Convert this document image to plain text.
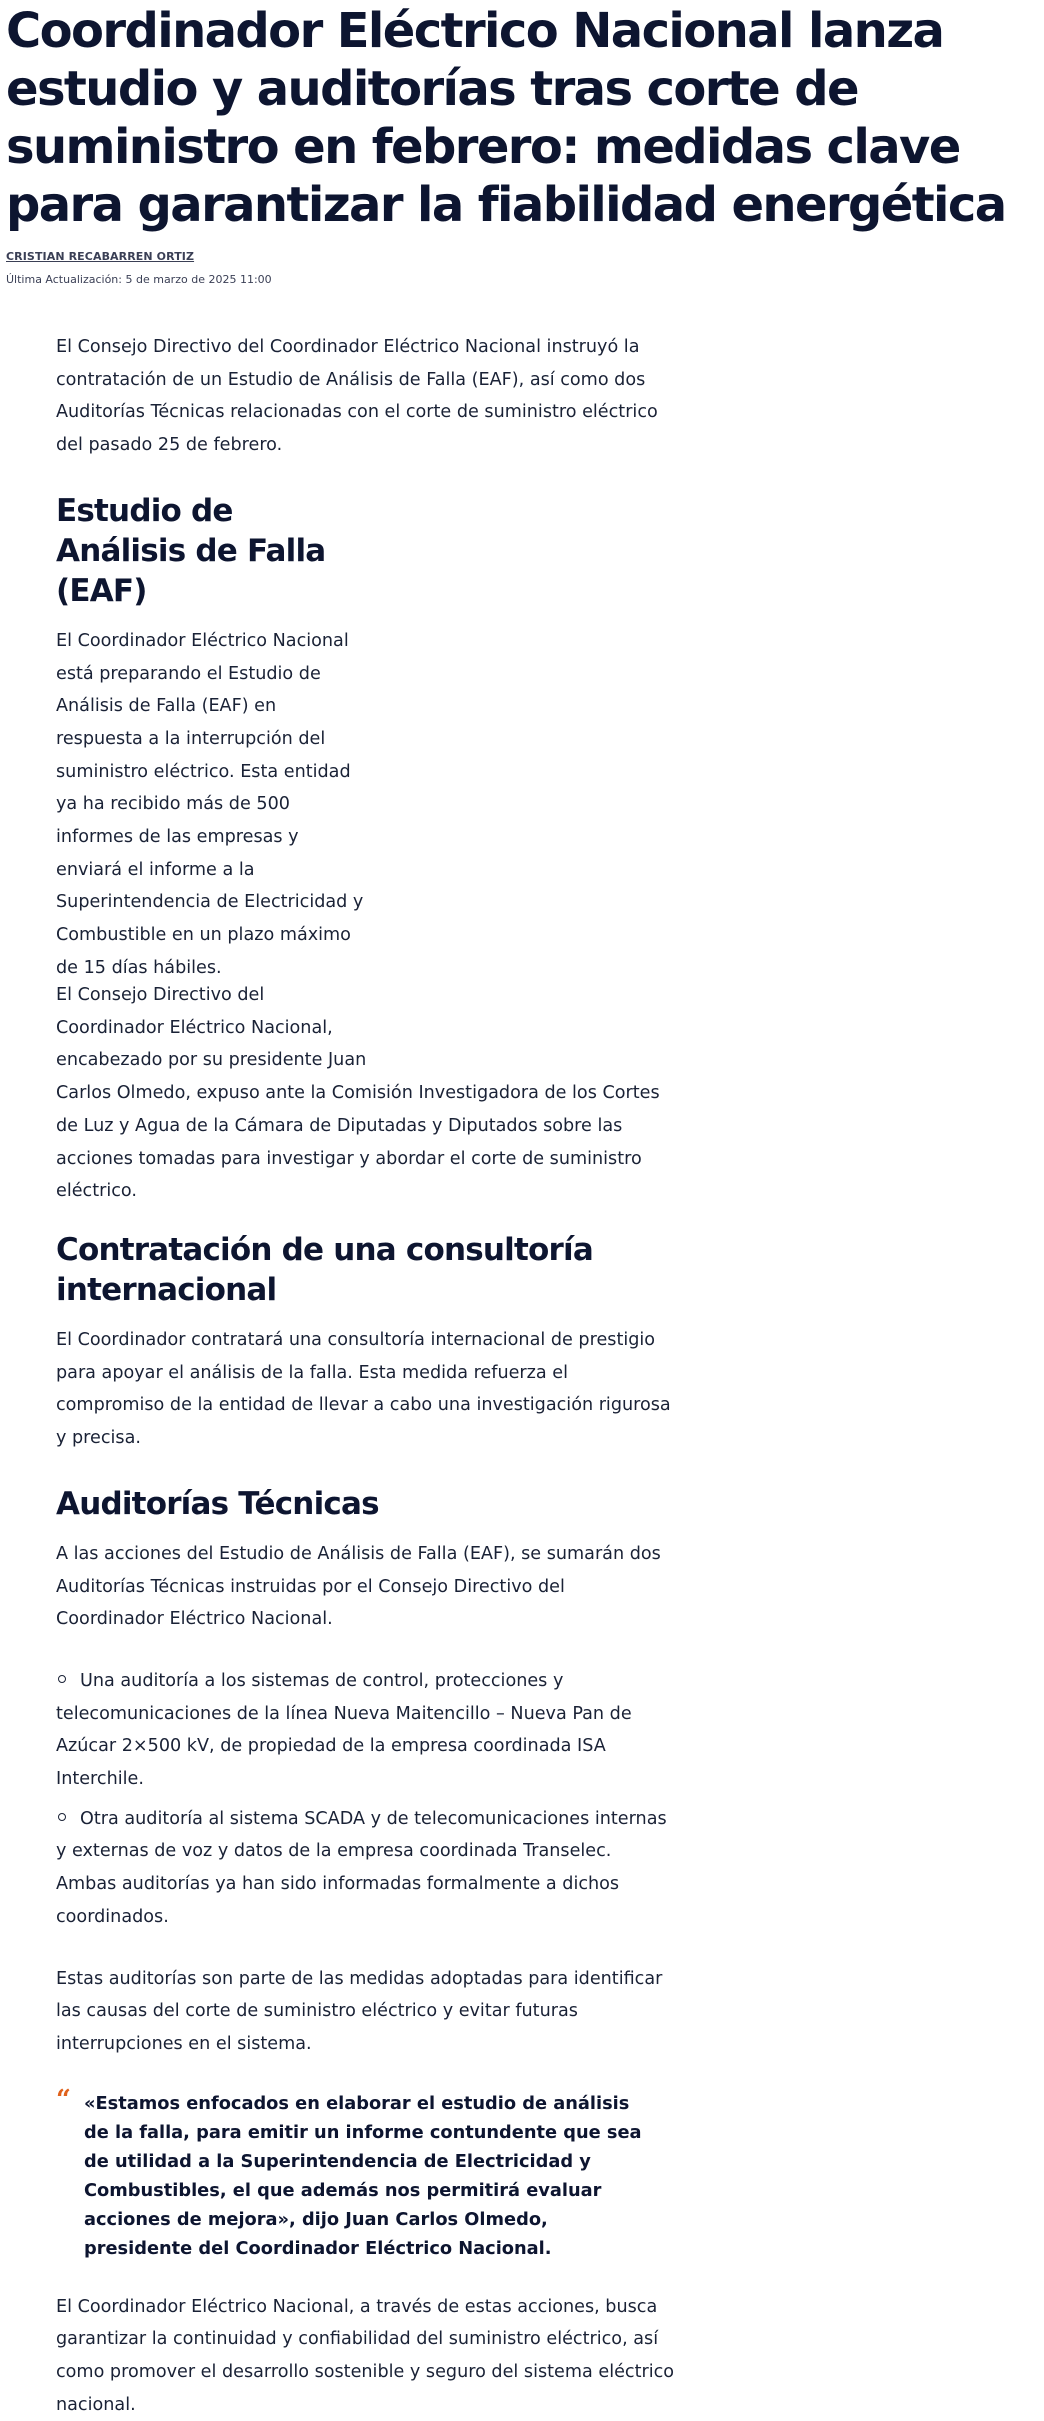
Coordinador Eléctrico Nacional lanza estudio y auditorías tras corte de suministro en febrero: medidas clave para garantizar la fiabilidad energética
CRISTIAN RECABARREN ORTIZ
Última Actualización: 5 de marzo de 2025 11:00

El Consejo Directivo del Coordinador Eléctrico Nacional instruyó la contratación de un Estudio de Análisis de Falla (EAF), así como dos Auditorías Técnicas relacionadas con el corte de suministro eléctrico del pasado 25 de febrero.

Estudio de Análisis de Falla (EAF)

El Coordinador Eléctrico Nacional está preparando el Estudio de Análisis de Falla (EAF) en respuesta a la interrupción del suministro eléctrico. Esta entidad ya ha recibido más de 500 informes de las empresas y enviará el informe a la Superintendencia de Electricidad y Combustible en un plazo máximo de 15 días hábiles.

El Consejo Directivo del Coordinador Eléctrico Nacional, encabezado por su presidente Juan Carlos Olmedo, expuso ante la Comisión Investigadora de los Cortes de Luz y Agua de la Cámara de Diputadas y Diputados sobre las acciones tomadas para investigar y abordar el corte de suministro eléctrico.

Contratación de una consultoría internacional

El Coordinador contratará una consultoría internacional de prestigio para apoyar el análisis de la falla. Esta medida refuerza el compromiso de la entidad de llevar a cabo una investigación rigurosa y precisa.

Auditorías Técnicas

A las acciones del Estudio de Análisis de Falla (EAF), se sumarán dos Auditorías Técnicas instruidas por el Consejo Directivo del Coordinador Eléctrico Nacional.

Una auditoría a los sistemas de control, protecciones y telecomunicaciones de la línea Nueva Maitencillo – Nueva Pan de Azúcar 2×500 kV, de propiedad de la empresa coordinada ISA Interchile.
Otra auditoría al sistema SCADA y de telecomunicaciones internas y externas de voz y datos de la empresa coordinada Transelec. Ambas auditorías ya han sido informadas formalmente a dichos coordinados.

Estas auditorías son parte de las medidas adoptadas para identificar las causas del corte de suministro eléctrico y evitar futuras interrupciones en el sistema.

“ «Estamos enfocados en elaborar el estudio de análisis de la falla, para emitir un informe contundente que sea de utilidad a la Superintendencia de Electricidad y Combustibles, el que además nos permitirá evaluar acciones de mejora», dijo Juan Carlos Olmedo, presidente del Coordinador Eléctrico Nacional.

El Coordinador Eléctrico Nacional, a través de estas acciones, busca garantizar la continuidad y confiabilidad del suministro eléctrico, así como promover el desarrollo sostenible y seguro del sistema eléctrico nacional.
